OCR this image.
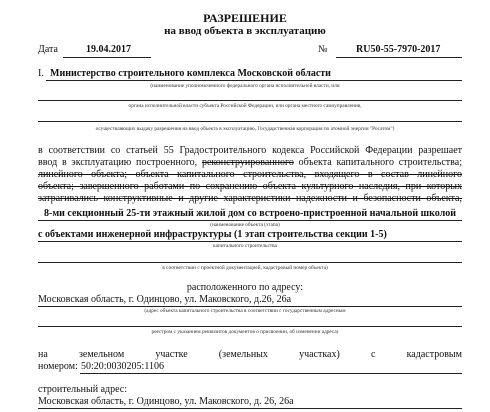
РАЗРЕШЕНИЕ
на ввод объекта в эксплуатацию
Дата	19.04.2017	№	RU50-55-7970-2017
I. Министерство строительного комплекса Московской области
(наименование уполномоченного федерального органа исполнительной власти, или
органа исполнительной власти субъекта Российской Федерации, или органа местного самоуправления,
осуществляющих выдачу разрешения на ввод объекта в эксплуатацию, Государственная корпорация по атомной энергии "Росатом")
в соответствии со статьей 55 Градостроительного кодекса Российской Федерации разрешает
ввод в эксплуатацию построенного, реконструированного объекта капитального строительства;
линейного объекта; объекта капитального строительства, входящего в состав линейного
объекта; завершенного работами по сохранению объекта культурного наследия, при которых
затрагивались конструктивные и другие характеристики надежности и безопасности объекта,
8-ми секционный 25-ти этажный жилой дом со встроено-пристроенной начальной школой
(наименование объекта (этапа)
с объектами инженерной инфраструктуры (1 этап строительства секции 1-5)
капитального строительства
в соответствии с проектной документацией, кадастровый номер объекта)
расположенного по адресу:
Московская область, г. Одинцово, ул. Маковского, д.26, 26а
(адрес объекта капитального строительства в соответствии с государственным адресным
реестром с указанием реквизитов документов о присвоении, об изменении адреса)
на	земельном	участке	(земельных	участках)	с	кадастровым
номером: 50:20:0030205:1106
строительный адрес:
Московская область, г. Одинцово, ул. Маковского, д. 26, 26а
